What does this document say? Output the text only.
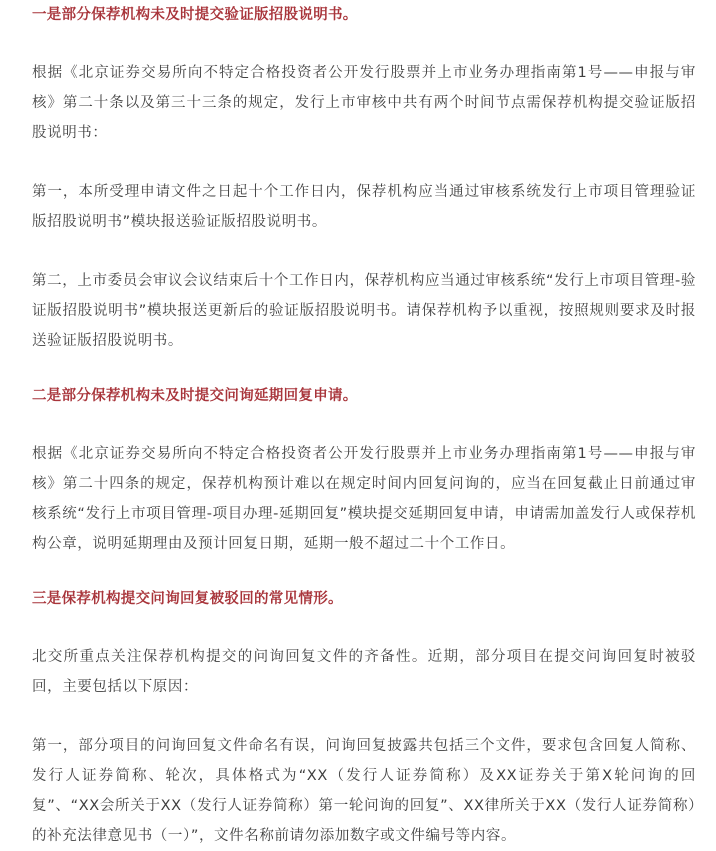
一是部分保荐机构未及时提交验证版招股说明书。

根据《北京证券交易所向不特定合格投资者公开发行股票并上市业务办理指南第1号——申报与审核》第二十条以及第三十三条的规定，发行上市审核中共有两个时间节点需保荐机构提交验证版招股说明书：

第一，本所受理申请文件之日起十个工作日内，保荐机构应当通过审核系统发行上市项目管理验证版招股说明书”模块报送验证版招股说明书。

第二，上市委员会审议会议结束后十个工作日内，保荐机构应当通过审核系统“发行上市项目管理-验证版招股说明书”模块报送更新后的验证版招股说明书。请保荐机构予以重视，按照规则要求及时报送验证版招股说明书。

二是部分保荐机构未及时提交问询延期回复申请。

根据《北京证券交易所向不特定合格投资者公开发行股票并上市业务办理指南第1号——申报与审核》第二十四条的规定，保荐机构预计难以在规定时间内回复问询的，应当在回复截止日前通过审核系统“发行上市项目管理-项目办理-延期回复”模块提交延期回复申请，申请需加盖发行人或保荐机构公章，说明延期理由及预计回复日期，延期一般不超过二十个工作日。

三是保荐机构提交问询回复被驳回的常见情形。

北交所重点关注保荐机构提交的问询回复文件的齐备性。近期，部分项目在提交问询回复时被驳回，主要包括以下原因：

第一，部分项目的问询回复文件命名有误，问询回复披露共包括三个文件，要求包含回复人简称、发行人证券简称、轮次，具体格式为“XX（发行人证券简称）及XX证券关于第X轮问询的回复”、“XX会所关于XX（发行人证券简称）第一轮问询的回复”、XX律所关于XX（发行人证券简称）的补充法律意见书（一）”，文件名称前请勿添加数字或文件编号等内容。
